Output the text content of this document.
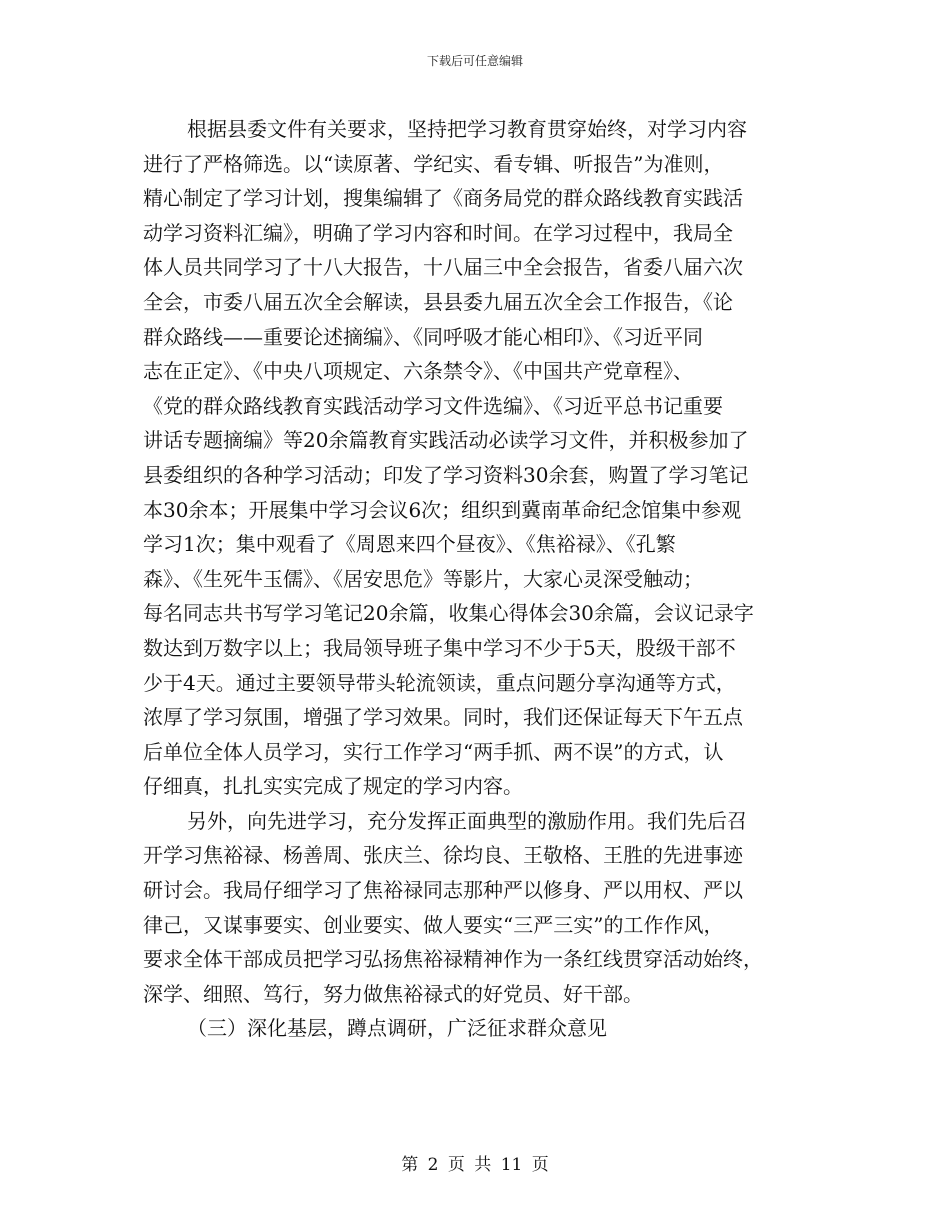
下载后可任意编辑
根据县委文件有关要求，坚持把学习教育贯穿始终，对学习内容
进行了严格筛选。以“读原著、学纪实、看专辑、听报告”为准则，
精心制定了学习计划，搜集编辑了《商务局党的群众路线教育实践活
动学习资料汇编》，明确了学习内容和时间。在学习过程中，我局全
体人员共同学习了十八大报告，十八届三中全会报告，省委八届六次
全会，市委八届五次全会解读，县县委九届五次全会工作报告，《论
群众路线——重要论述摘编》、《同呼吸才能心相印》、《习近平同
志在正定》、《中央八项规定、六条禁令》、《中国共产党章程》、
《党的群众路线教育实践活动学习文件选编》、《习近平总书记重要
讲话专题摘编》等20余篇教育实践活动必读学习文件，并积极参加了
县委组织的各种学习活动；印发了学习资料30余套，购置了学习笔记
本30余本；开展集中学习会议6次；组织到冀南革命纪念馆集中参观
学习1次；集中观看了《周恩来四个昼夜》、《焦裕禄》、《孔繁
森》、《生死牛玉儒》、《居安思危》等影片，大家心灵深受触动；
每名同志共书写学习笔记20余篇，收集心得体会30余篇，会议记录字
数达到万数字以上；我局领导班子集中学习不少于5天，股级干部不
少于4天。通过主要领导带头轮流领读，重点问题分享沟通等方式，
浓厚了学习氛围，增强了学习效果。同时，我们还保证每天下午五点
后单位全体人员学习，实行工作学习“两手抓、两不误”的方式，认
仔细真，扎扎实实完成了规定的学习内容。
另外，向先进学习，充分发挥正面典型的激励作用。我们先后召
开学习焦裕禄、杨善周、张庆兰、徐均良、王敬格、王胜的先进事迹
研讨会。我局仔细学习了焦裕禄同志那种严以修身、严以用权、严以
律己，又谋事要实、创业要实、做人要实“三严三实”的工作作风，
要求全体干部成员把学习弘扬焦裕禄精神作为一条红线贯穿活动始终，
深学、细照、笃行，努力做焦裕禄式的好党员、好干部。
（三）深化基层，蹲点调研，广泛征求群众意见
第 2 页 共 11 页
